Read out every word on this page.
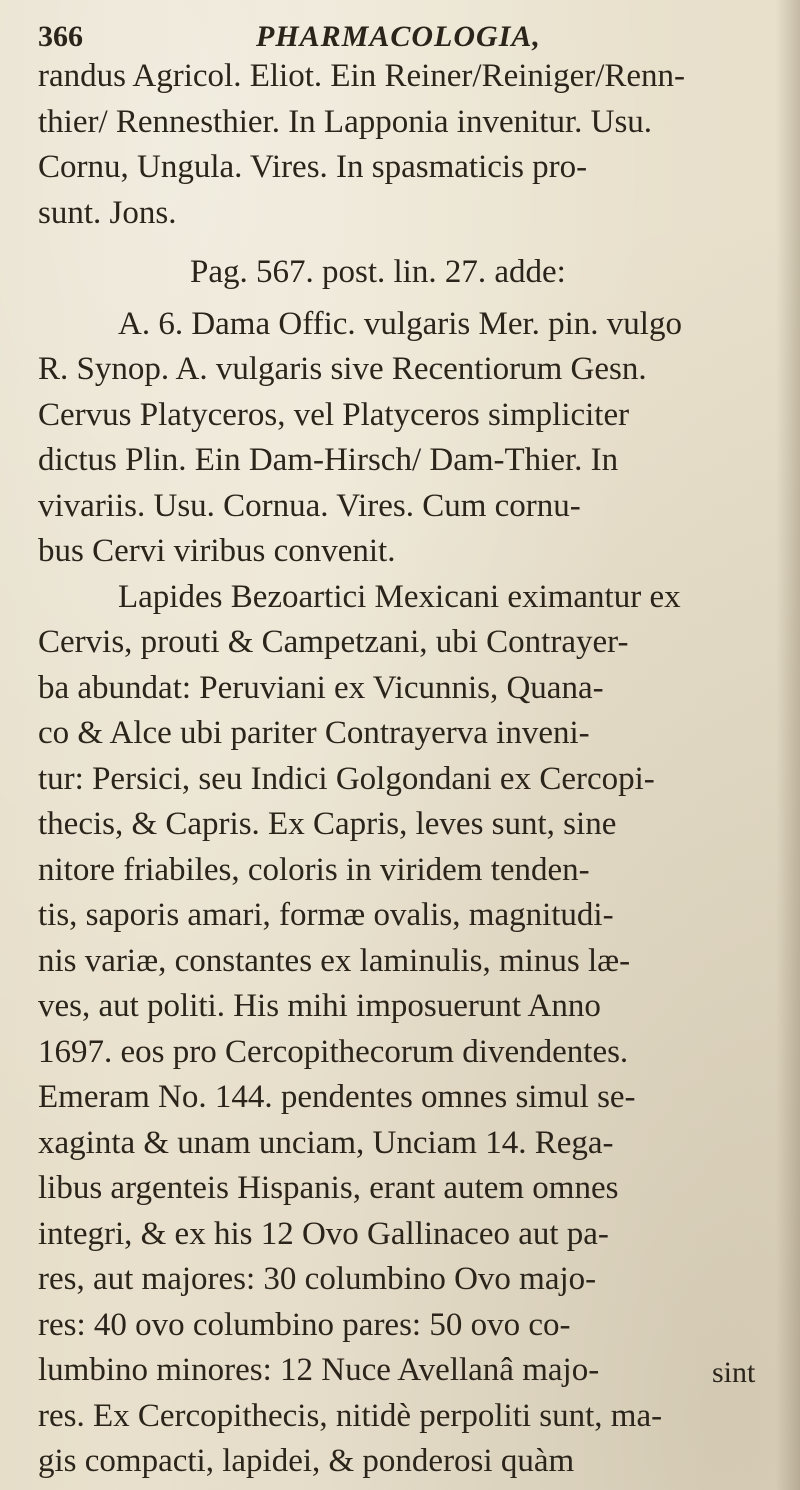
366	PHARMACOLOGIA,
randus Agricol. Eliot. Ein Reiner/Reiniger/Renn-
thier/ Rennesthier. In Lapponia invenitur. Usu.
Cornu, Ungula. Vires. In spasmaticis pro-
sunt. Jons.
Pag. 567. post. lin. 27. adde:
A. 6. Dama Offic. vulgaris Mer. pin. vulgo
R. Synop. A. vulgaris sive Recentiorum Gesn.
Cervus Platyceros, vel Platyceros simpliciter
dictus Plin. Ein Dam-Hirsch/ Dam-Thier. In
vivariis. Usu. Cornua. Vires. Cum cornu-
bus Cervi viribus convenit.
Lapides Bezoartici Mexicani eximantur ex
Cervis, prouti & Campetzani, ubi Contrayer-
ba abundat: Peruviani ex Vicunnis, Quana-
co & Alce ubi pariter Contrayerva inveni-
tur: Persici, seu Indici Golgondani ex Cercopi-
thecis, & Capris. Ex Capris, leves sunt, sine
nitore friabiles, coloris in viridem tenden-
tis, saporis amari, formæ ovalis, magnitudi-
nis variæ, constantes ex laminulis, minus læ-
ves, aut politi. His mihi imposuerunt Anno
1697. eos pro Cercopithecorum divendentes.
Emeram No. 144. pendentes omnes simul se-
xaginta & unam unciam, Unciam 14. Rega-
libus argenteis Hispanis, erant autem omnes
integri, & ex his 12 Ovo Gallinaceo aut pa-
res, aut majores: 30 columbino Ovo majo-
res: 40 ovo columbino pares: 50 ovo co-
lumbino minores: 12 Nuce Avellanâ majo-
res. Ex Cercopithecis, nitidè perpoliti sunt, ma-
gis compacti, lapidei, & ponderosi quàm
sint
